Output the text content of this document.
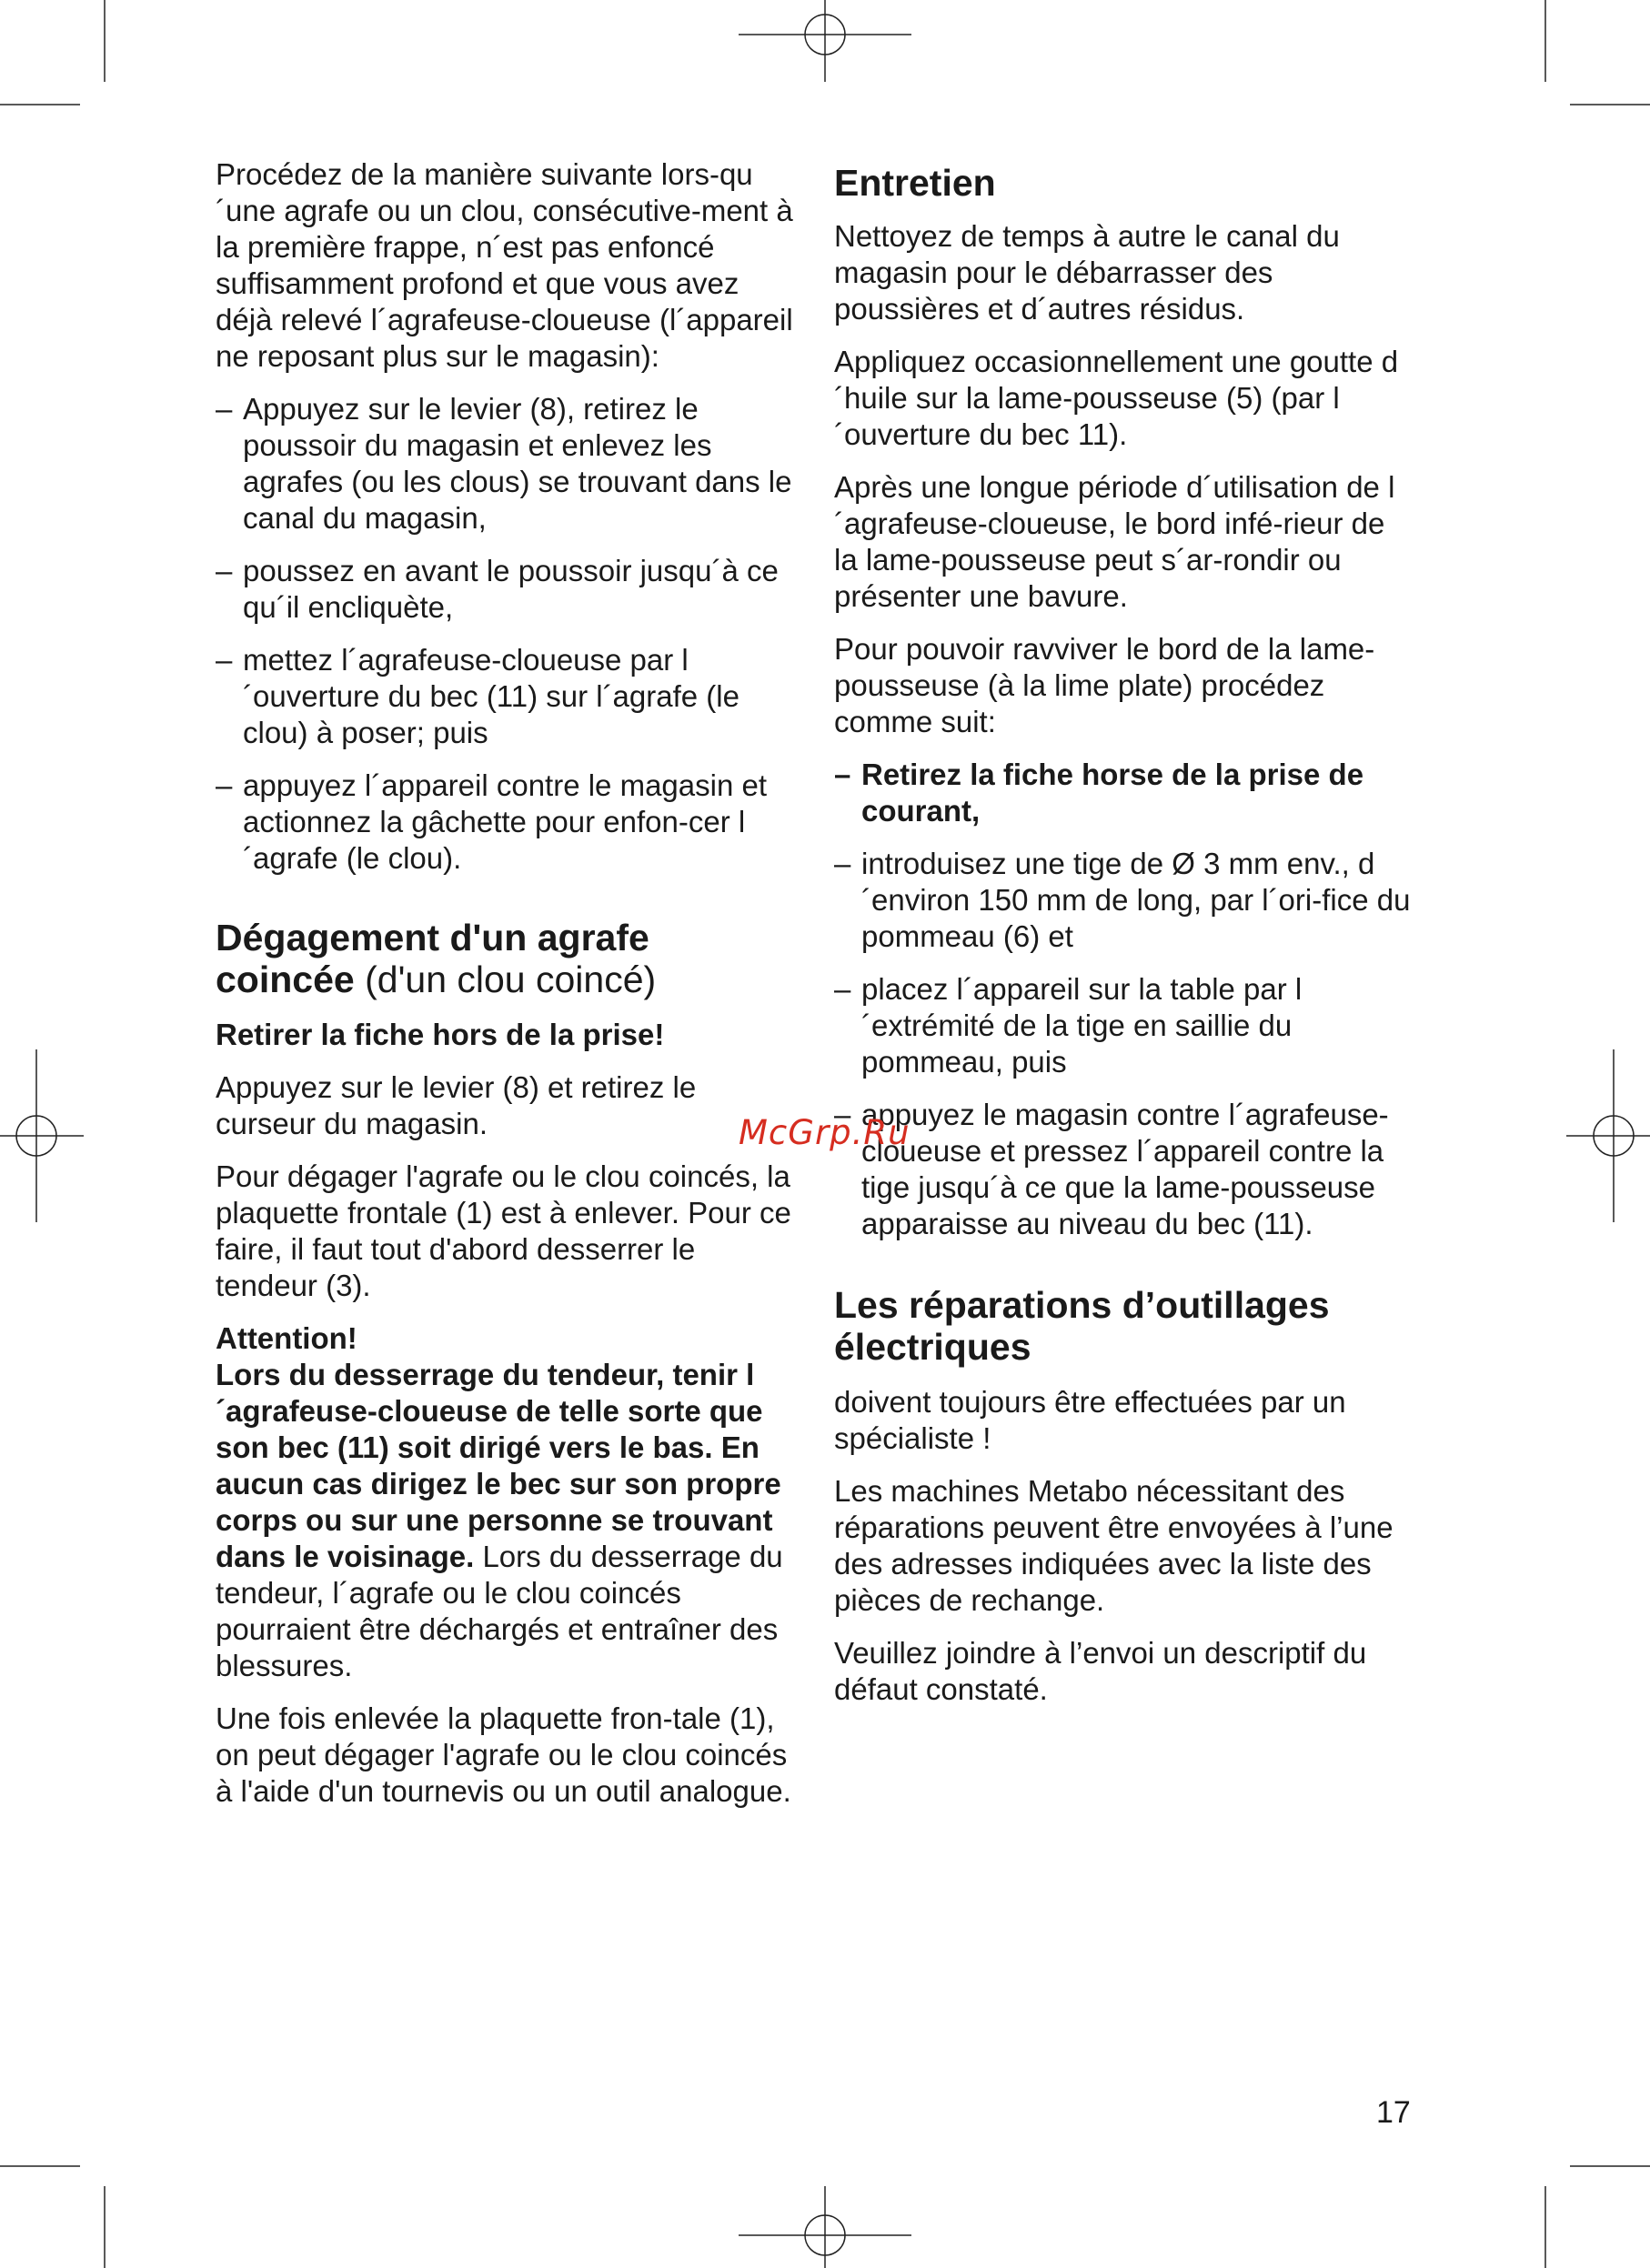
Procédez de la manière suivante lors-qu´une agrafe ou un clou, consécutive-ment à la première frappe, n´est pas enfoncé suffisamment profond et que vous avez déjà relevé l´agrafeuse-cloueuse (l´appareil ne reposant plus sur le magasin):

– Appuyez sur le levier (8), retirez le poussoir du magasin et enlevez les agrafes (ou les clous) se trouvant dans le canal du magasin,
– poussez en avant le poussoir jusqu´à ce qu´il encliquète,
– mettez l´agrafeuse-cloueuse par l´ouverture du bec (11) sur l´agrafe (le clou) à poser; puis
– appuyez l´appareil contre le magasin et actionnez la gâchette pour enfon-cer l´agrafe (le clou).
Dégagement d'un agrafe coincée (d'un clou coincé)

Retirer la fiche hors de la prise!

Appuyez sur le levier (8) et retirez le curseur du magasin.

Pour dégager l'agrafe ou le clou coincés, la plaquette frontale (1) est à enlever. Pour ce faire, il faut tout d'abord desserrer le tendeur (3).

Attention!
Lors du desserrage du tendeur, tenir l´agrafeuse-cloueuse de telle sorte que son bec (11) soit dirigé vers le bas. En aucun cas dirigez le bec sur son propre corps ou sur une personne se trouvant dans le voisinage. Lors du desserrage du tendeur, l´agrafe ou le clou coincés pourraient être déchargés et entraîner des blessures.

Une fois enlevée la plaquette fron-tale (1), on peut dégager l'agrafe ou le clou coincés à l'aide d'un tournevis ou un outil analogue.

Entretien

Nettoyez de temps à autre le canal du magasin pour le débarrasser des poussières et d´autres résidus.

Appliquez occasionnellement une goutte d´huile sur la lame-pousseuse (5) (par l´ouverture du bec 11).

Après une longue période d´utilisation de l´agrafeuse-cloueuse, le bord infé-rieur de la lame-pousseuse peut s´ar-rondir ou présenter une bavure.

Pour pouvoir ravviver le bord de la lame-pousseuse (à la lime plate) procédez comme suit:

– Retirez la fiche horse de la prise de courant,
– introduisez une tige de Ø 3 mm env., d´environ 150 mm de long, par l´ori-fice du pommeau (6) et
– placez l´appareil sur la table par l´extrémité de la tige en saillie du pommeau, puis
– appuyez le magasin contre l´agrafeuse-cloueuse et pressez l´appareil contre la tige jusqu´à ce que la lame-pousseuse apparaisse au niveau du bec (11).
Les réparations d’outillages électriques

doivent toujours être effectuées par un spécialiste !

Les machines Metabo nécessitant des réparations peuvent être envoyées à l’une des adresses indiquées avec la liste des pièces de rechange.

Veuillez joindre à l’envoi un descriptif du défaut constaté.

McGrp.Ru
17
